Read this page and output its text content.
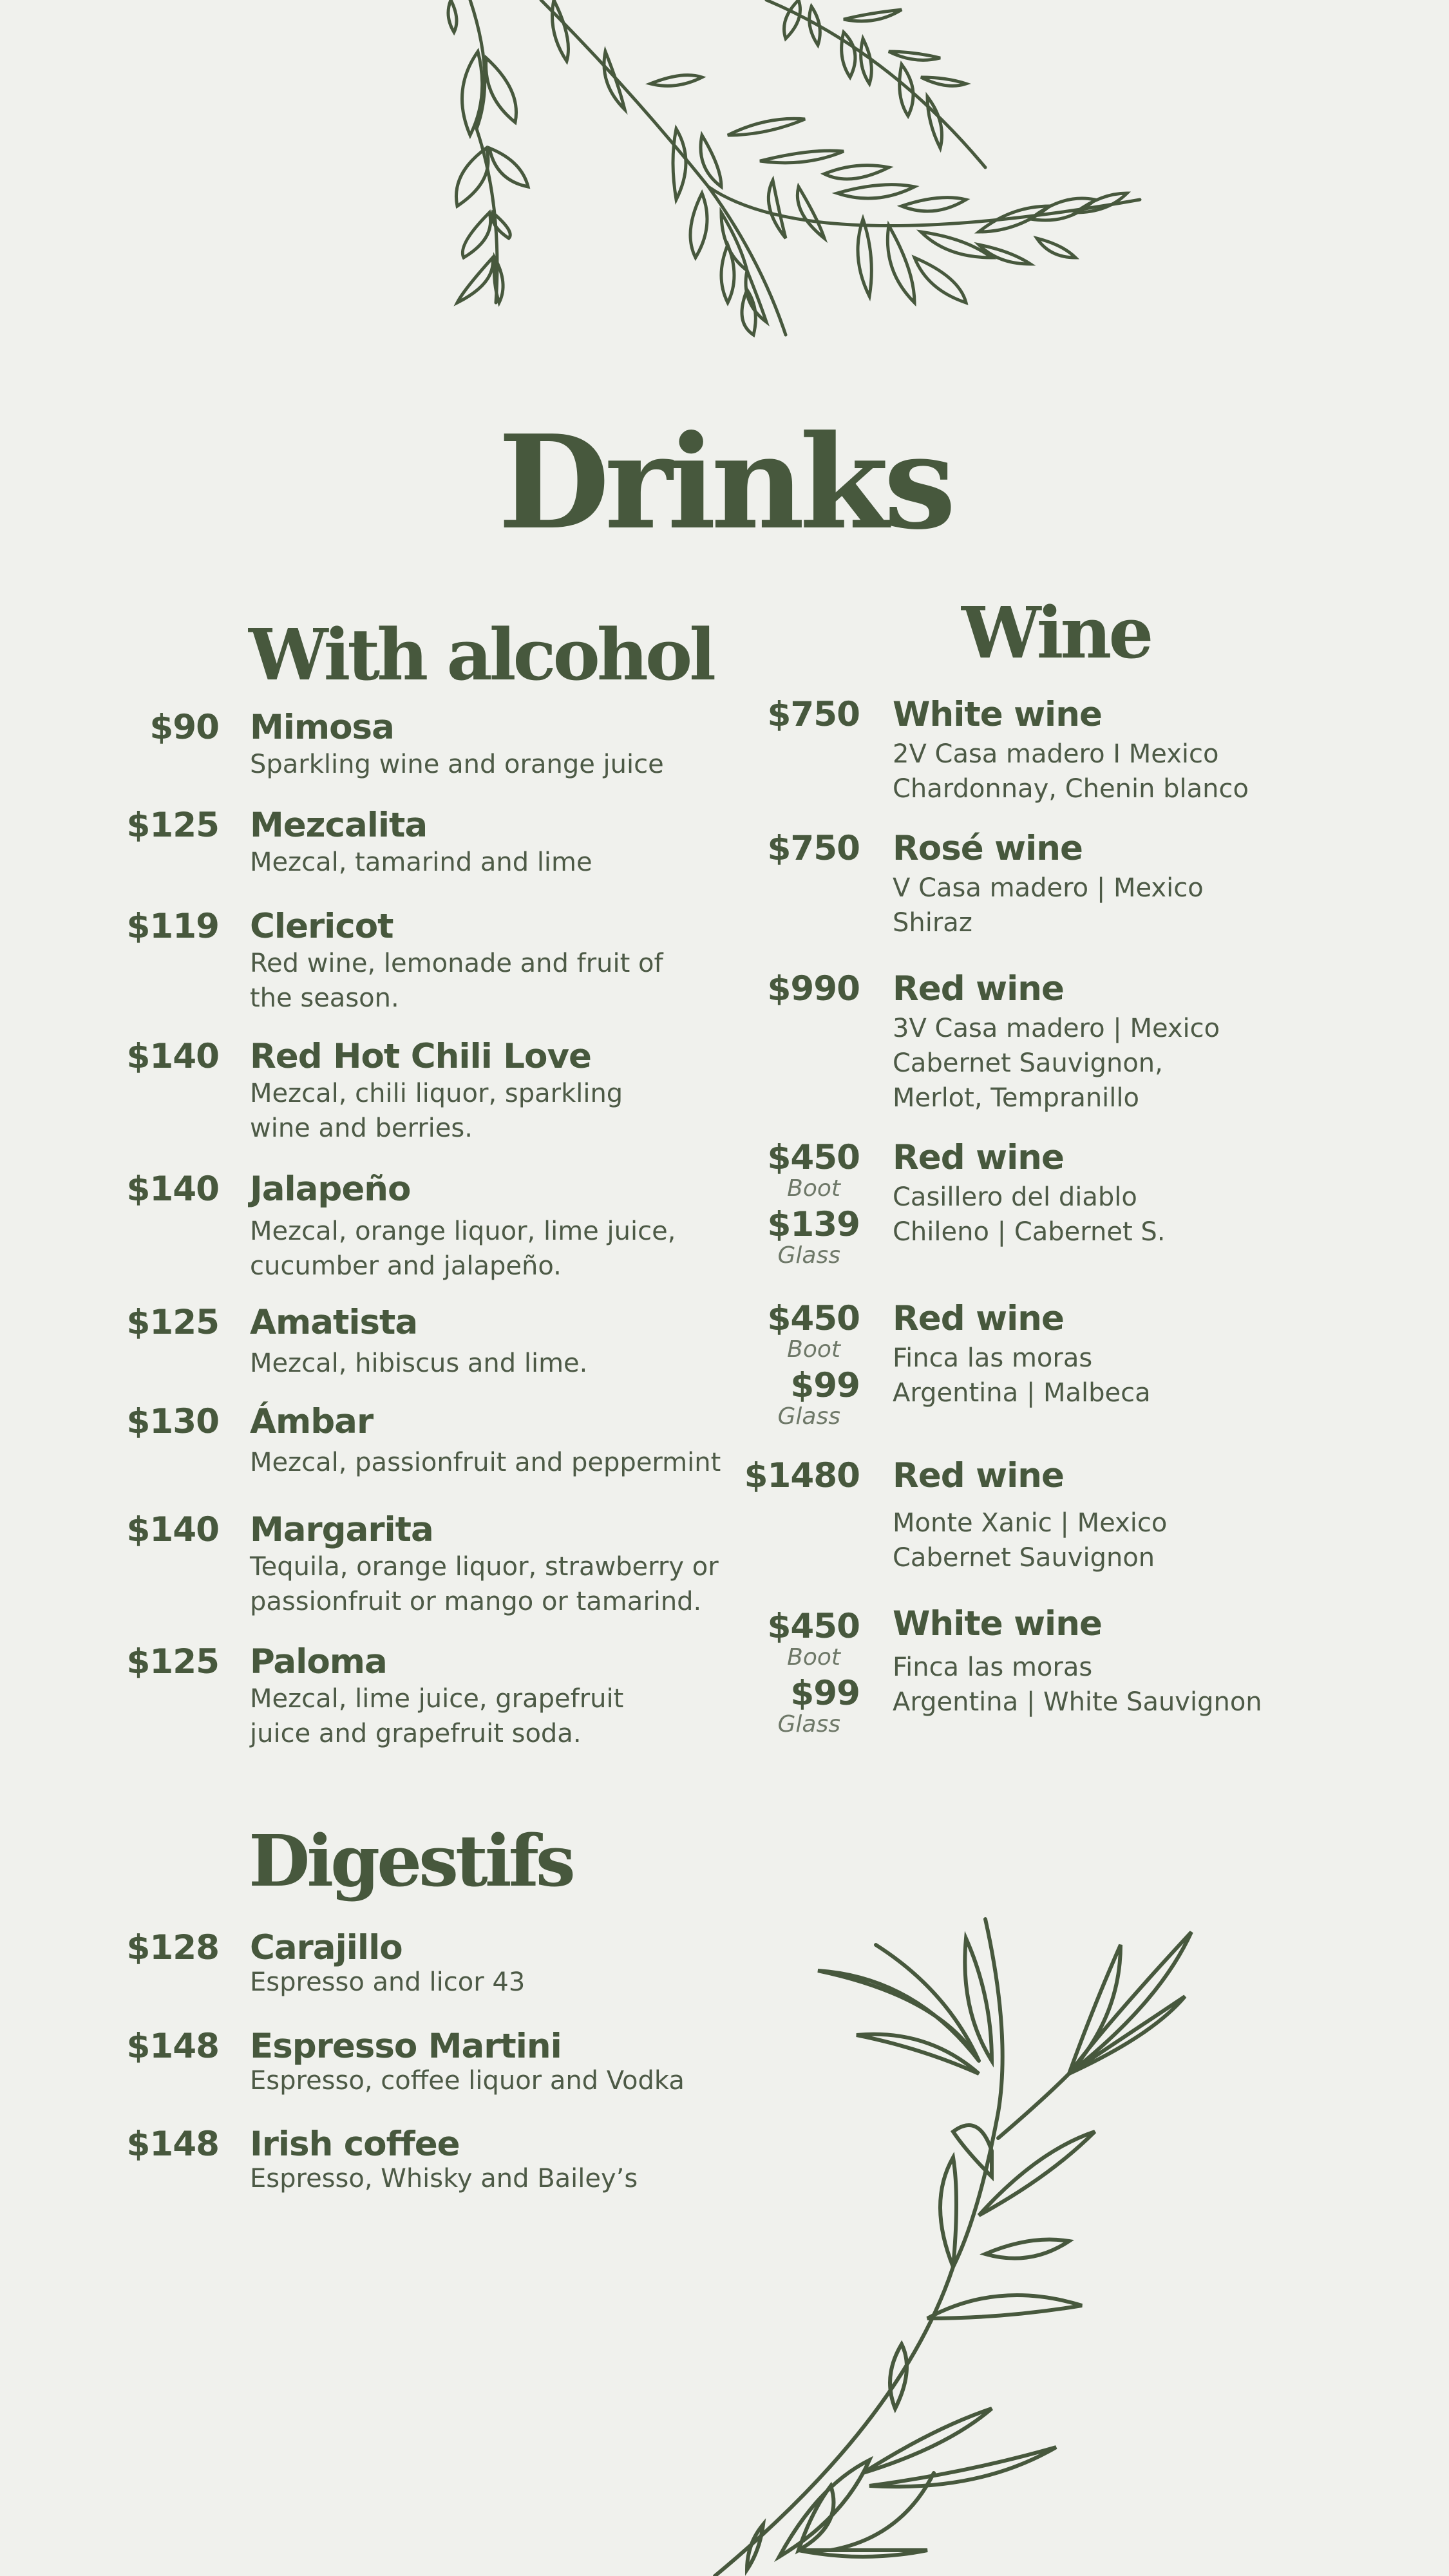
Drinks
With alcohol	Wine
Digestifs
$90 Mimosa
Sparkling wine and orange juice
$125 Mezcalita
Mezcal, tamarind and lime
$119 Clericot
Red wine, lemonade and fruit of
the season.
$140 Red Hot Chili Love
Mezcal, chili liquor, sparkling
wine and berries.
$140 Jalapeño
Mezcal, orange liquor, lime juice,
cucumber and jalapeño.
$125 Amatista
Mezcal, hibiscus and lime.
$130 Ámbar
Mezcal, passionfruit and peppermint
$140 Margarita
Tequila, orange liquor, strawberry or
passionfruit or mango or tamarind.
$125 Paloma
Mezcal, lime juice, grapefruit
juice and grapefruit soda.
$750 White wine
2V Casa madero I Mexico
Chardonnay, Chenin blanco
$750 Rosé wine
V Casa madero | Mexico
Shiraz
$990 Red wine
3V Casa madero | Mexico
Cabernet Sauvignon,
Merlot, Tempranillo
$450
Boot
$139
Glass
Red wine
Casillero del diablo
Chileno | Cabernet S.
$450
Boot
$99
Glass
Red wine
Finca las moras
Argentina | Malbeca
$1480 Red wine
Monte Xanic | Mexico
Cabernet Sauvignon
$450
Boot
$99
Glass
White wine
Finca las moras
Argentina | White Sauvignon
$128 Carajillo
Espresso and licor 43
$148 Espresso Martini
Espresso, coffee liquor and Vodka
$148 Irish coffee
Espresso, Whisky and Bailey’s
